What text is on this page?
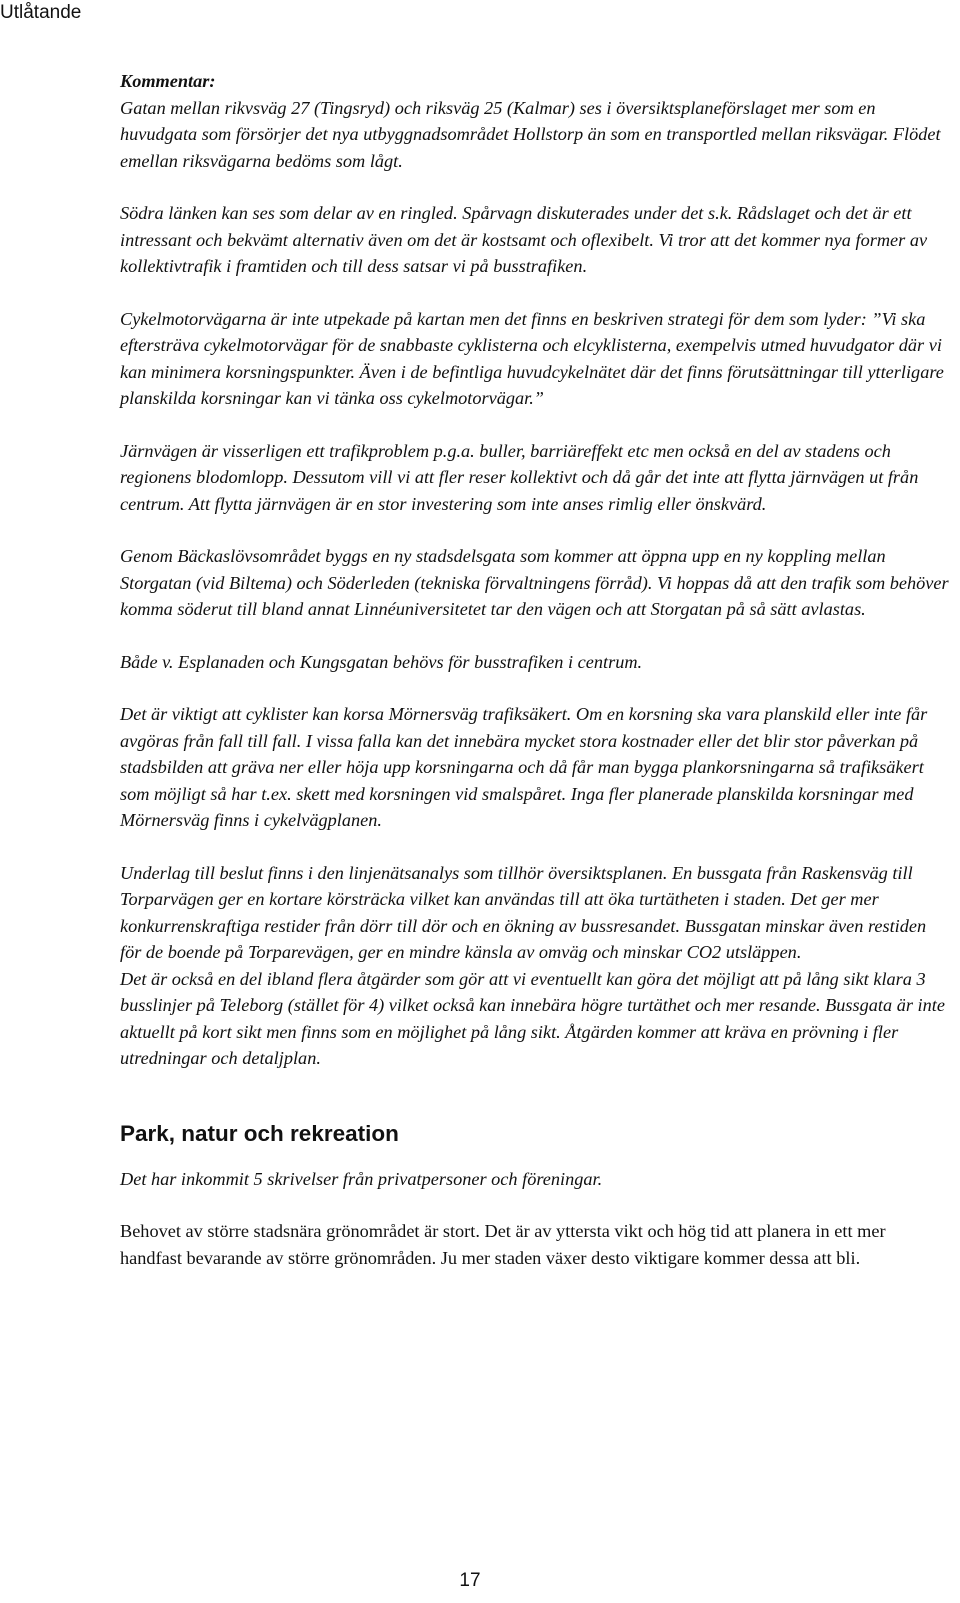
Utlåtande
Kommentar:

Gatan mellan rikvsväg 27 (Tingsryd) och riksväg 25 (Kalmar) ses i översiktsplaneförslaget mer som en huvudgata som försörjer det nya utbyggnadsområdet Hollstorp än som en transportled mellan riksvägar. Flödet emellan riksvägarna bedöms som lågt.

Södra länken kan ses som delar av en ringled. Spårvagn diskuterades under det s.k. Rådslaget och det är ett intressant och bekvämt alternativ även om det är kostsamt och oflexibelt. Vi tror att det kommer nya former av kollektivtrafik i framtiden och till dess satsar vi på busstrafiken.

Cykelmotorvägarna är inte utpekade på kartan men det finns en beskriven strategi för dem som lyder: ”Vi ska eftersträva cykelmotorvägar för de snabbaste cyklisterna och elcyklisterna, exempelvis utmed huvudgator där vi kan minimera korsningspunkter. Även i de befintliga huvudcykelnätet där det finns förutsättningar till ytterligare planskilda korsningar kan vi tänka oss cykelmotorvägar.”

Järnvägen är visserligen ett trafikproblem p.g.a. buller, barriäreffekt etc men också en del av stadens och regionens blodomlopp. Dessutom vill vi att fler reser kollektivt och då går det inte att flytta järnvägen ut från centrum. Att flytta järnvägen är en stor investering som inte anses rimlig eller önskvärd.

Genom Bäckaslövsområdet byggs en ny stadsdelsgata som kommer att öppna upp en ny koppling mellan Storgatan (vid Biltema) och Söderleden (tekniska förvaltningens förråd). Vi hoppas då att den trafik som behöver komma söderut till bland annat Linnéuniversitetet tar den vägen och att Storgatan på så sätt avlastas.

Både v. Esplanaden och Kungsgatan behövs för busstrafiken i centrum.

Det är viktigt att cyklister kan korsa Mörnersväg trafiksäkert. Om en korsning ska vara planskild eller inte får avgöras från fall till fall. I vissa falla kan det innebära mycket stora kostnader eller det blir stor påverkan på stadsbilden att gräva ner eller höja upp korsningarna och då får man bygga plankorsningarna så trafiksäkert som möjligt så har t.ex. skett med korsningen vid smalspåret. Inga fler planerade planskilda korsningar med Mörnersväg finns i cykelvägplanen.

Underlag till beslut finns i den linjenätsanalys som tillhör översiktsplanen. En bussgata från Raskensväg till Torparvägen ger en kortare körsträcka vilket kan användas till att öka turtätheten i staden. Det ger mer konkurrenskraftiga restider från dörr till dör och en ökning av bussresandet. Bussgatan minskar även restiden för de boende på Torparevägen, ger en mindre känsla av omväg och minskar CO2 utsläppen.

Det är också en del ibland flera åtgärder som gör att vi eventuellt kan göra det möjligt att på lång sikt klara 3 busslinjer på Teleborg (stället för 4) vilket också kan innebära högre turtäthet och mer resande. Bussgata är inte aktuellt på kort sikt men finns som en möjlighet på lång sikt. Åtgärden kommer att kräva en prövning i fler utredningar och detaljplan.

Park, natur och rekreation

Det har inkommit 5 skrivelser från privatpersoner och föreningar.

Behovet av större stadsnära grönområdet är stort. Det är av yttersta vikt och hög tid att planera in ett mer handfast bevarande av större grönområden. Ju mer staden växer desto viktigare kommer dessa att bli.

17
